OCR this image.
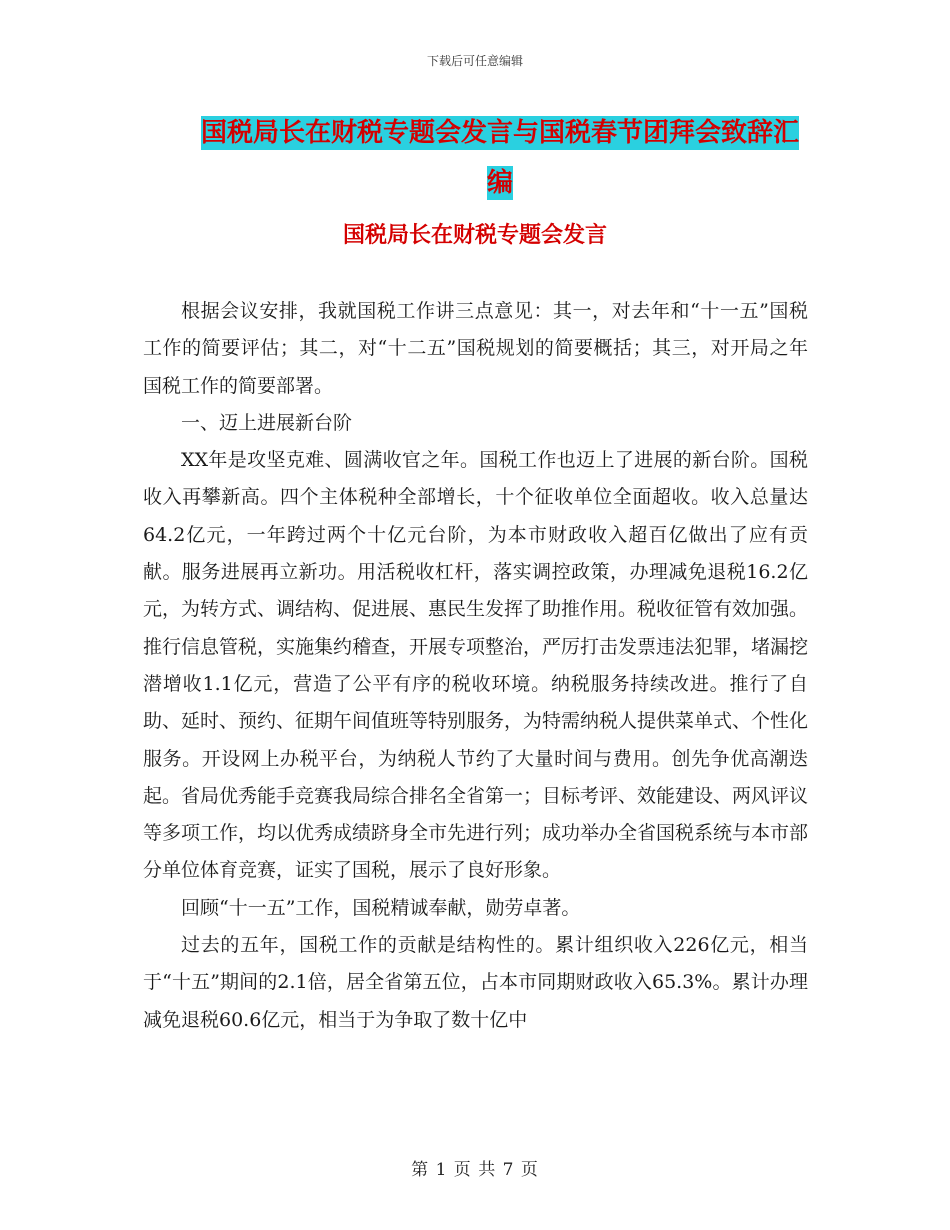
下载后可任意编辑
国税局长在财税专题会发言与国税春节团拜会致辞汇编
国税局长在财税专题会发言

根据会议安排，我就国税工作讲三点意见：其一，对去年和“十一五”国税工作的简要评估；其二，对“十二五”国税规划的简要概括；其三，对开局之年国税工作的简要部署。

一、迈上进展新台阶

XX年是攻坚克难、圆满收官之年。国税工作也迈上了进展的新台阶。国税收入再攀新高。四个主体税种全部增长，十个征收单位全面超收。收入总量达64.2亿元，一年跨过两个十亿元台阶，为本市财政收入超百亿做出了应有贡献。服务进展再立新功。用活税收杠杆，落实调控政策，办理减免退税16.2亿元，为转方式、调结构、促进展、惠民生发挥了助推作用。税收征管有效加强。推行信息管税，实施集约稽查，开展专项整治，严厉打击发票违法犯罪，堵漏挖潜增收1.1亿元，营造了公平有序的税收环境。纳税服务持续改进。推行了自助、延时、预约、征期午间值班等特别服务，为特需纳税人提供菜单式、个性化服务。开设网上办税平台，为纳税人节约了大量时间与费用。创先争优高潮迭起。省局优秀能手竞赛我局综合排名全省第一；目标考评、效能建设、两风评议等多项工作，均以优秀成绩跻身全市先进行列；成功举办全省国税系统与本市部分单位体育竞赛，证实了国税，展示了良好形象。

回顾“十一五”工作，国税精诚奉献，勋劳卓著。

过去的五年，国税工作的贡献是结构性的。累计组织收入226亿元，相当于“十五”期间的2.1倍，居全省第五位，占本市同期财政收入65.3%。累计办理减免退税60.6亿元，相当于为争取了数十亿中

第 1 页 共 7 页
